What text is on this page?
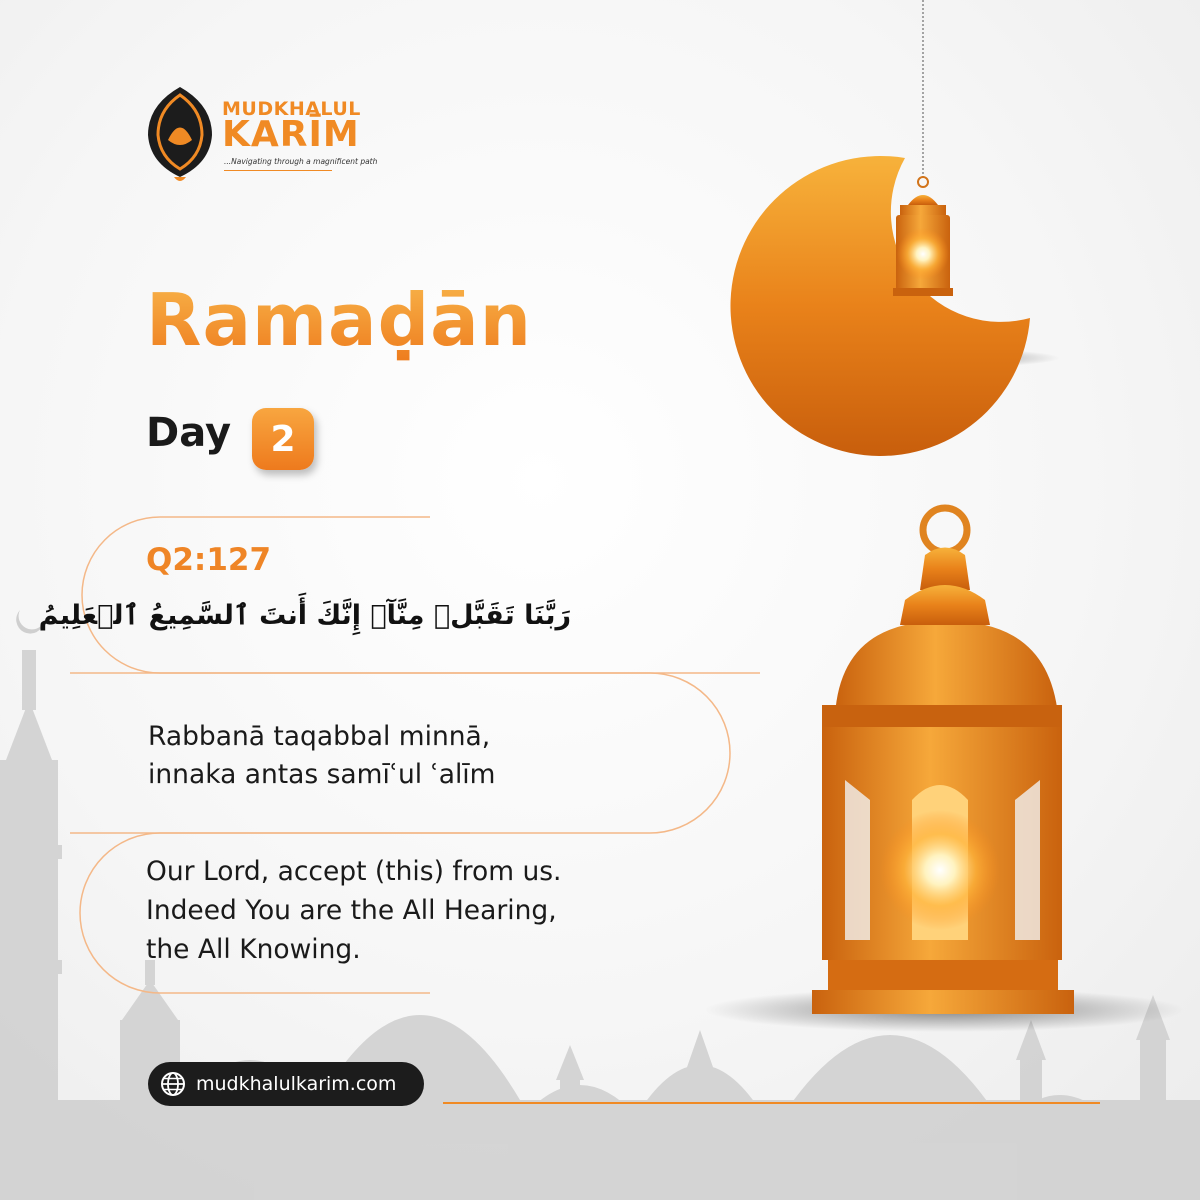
MUDKHALUL
KARĪM
...Navigating through a magnificent path
Ramaḍān
Day	2
Q2:127
رَبَّنَا تَقَبَّلۡ مِنَّآۖ إِنَّكَ أَنتَ ٱلسَّمِيعُ ٱلۡعَلِيمُ
Rabbanā taqabbal minnā,
innaka antas samīʿul ʿalīm
Our Lord, accept (this) from us.
Indeed You are the All Hearing,
the All Knowing.
mudkhalulkarim.com
